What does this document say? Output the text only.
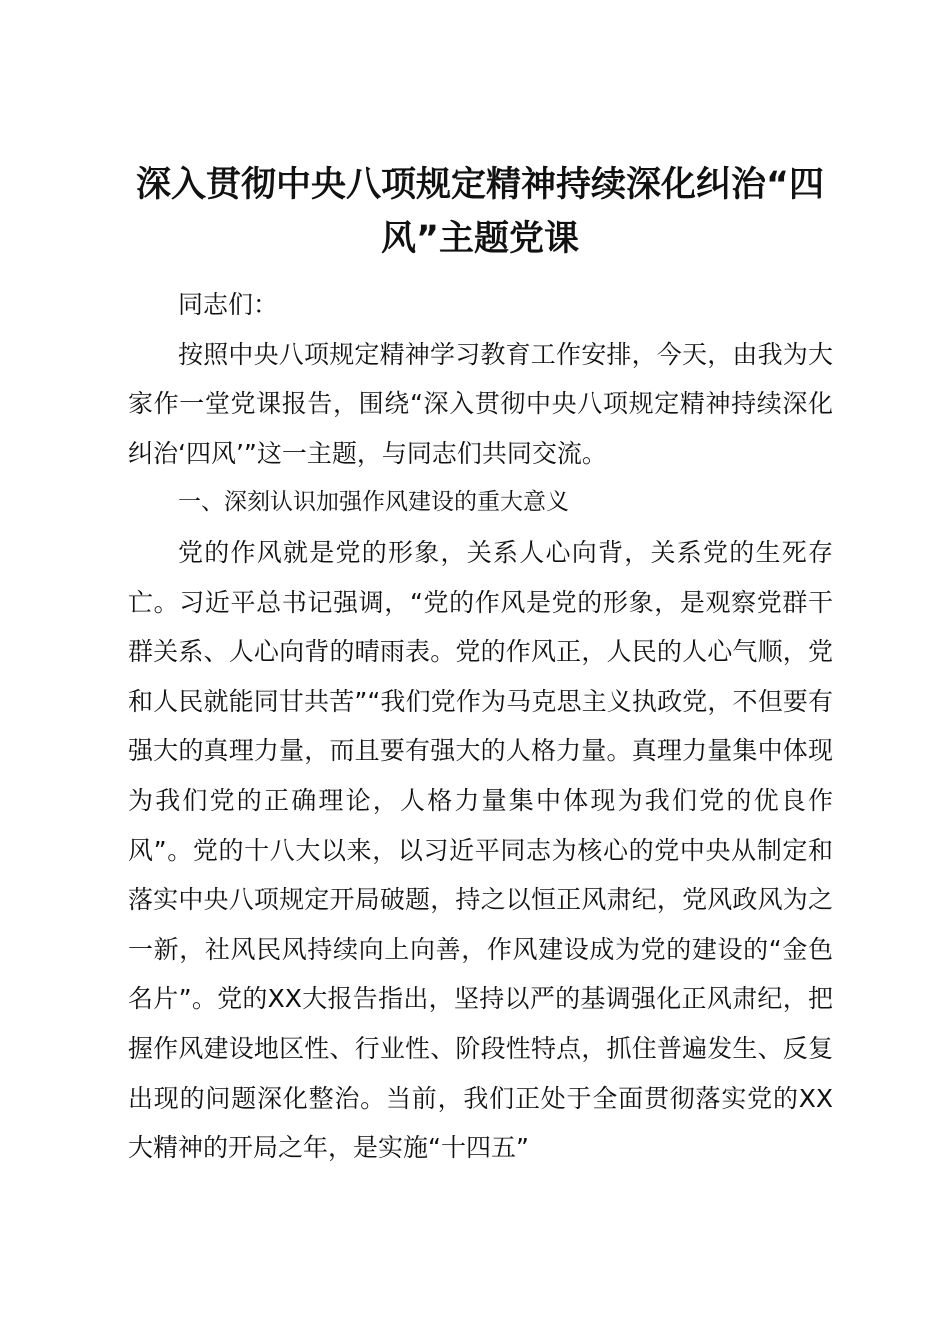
深入贯彻中央八项规定精神持续深化纠治“四风”主题党课

同志们：

按照中央八项规定精神学习教育工作安排，今天，由我为大家作一堂党课报告，围绕“深入贯彻中央八项规定精神持续深化纠治‘四风’”这一主题，与同志们共同交流。

一、深刻认识加强作风建设的重大意义

党的作风就是党的形象，关系人心向背，关系党的生死存亡。习近平总书记强调，“党的作风是党的形象，是观察党群干群关系、人心向背的晴雨表。党的作风正，人民的人心气顺，党和人民就能同甘共苦”“我们党作为马克思主义执政党，不但要有强大的真理力量，而且要有强大的人格力量。真理力量集中体现为我们党的正确理论，人格力量集中体现为我们党的优良作风”。党的十八大以来，以习近平同志为核心的党中央从制定和落实中央八项规定开局破题，持之以恒正风肃纪，党风政风为之一新，社风民风持续向上向善，作风建设成为党的建设的“金色名片”。党的XX大报告指出，坚持以严的基调强化正风肃纪，把握作风建设地区性、行业性、阶段性特点，抓住普遍发生、反复出现的问题深化整治。当前，我们正处于全面贯彻落实党的XX大精神的开局之年，是实施“十四五”
